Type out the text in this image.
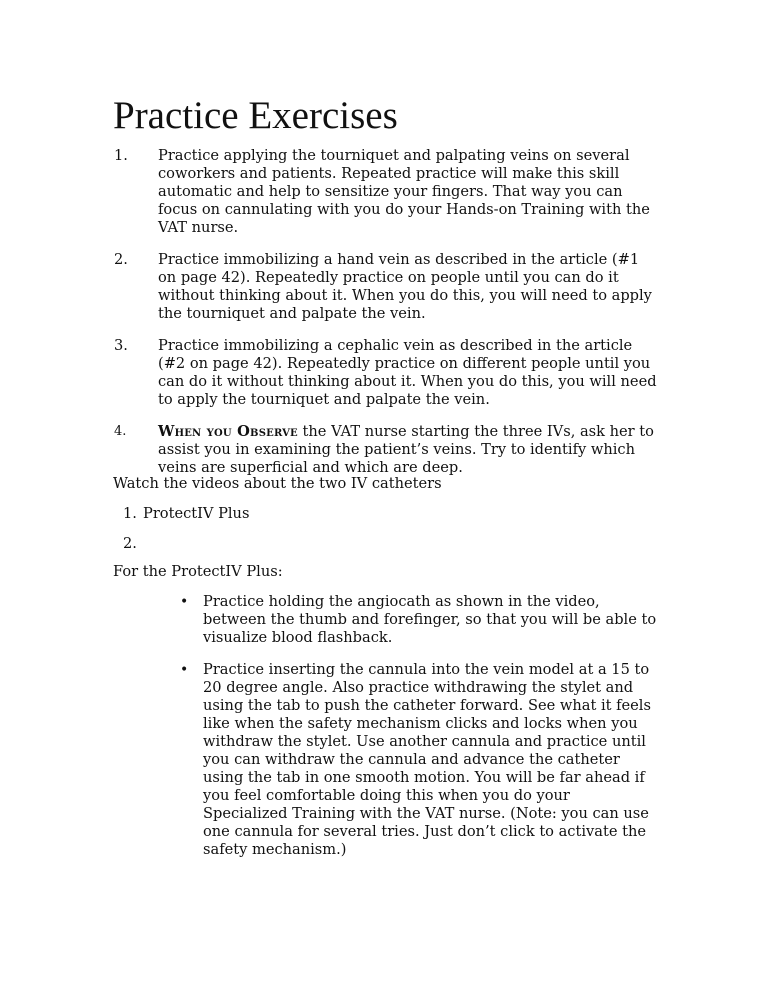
Practice Exercises
1. Practice applying the tourniquet and palpating veins on several coworkers and patients. Repeated practice will make this skill automatic and help to sensitize your fingers. That way you can focus on cannulating with you do your Hands-on Training with the VAT nurse.
2. Practice immobilizing a hand vein as described in the article (#1 on page 42). Repeatedly practice on people until you can do it without thinking about it. When you do this, you will need to apply the tourniquet and palpate the vein.
3. Practice immobilizing a cephalic vein as described in the article (#2 on page 42). Repeatedly practice on different people until you can do it without thinking about it. When you do this, you will need to apply the tourniquet and palpate the vein.
4. When you Observe the VAT nurse starting the three IVs, ask her to assist you in examining the patient’s veins. Try to identify which veins are superficial and which are deep.
Watch the videos about the two IV catheters
1. ProtectIV Plus
2.
For the ProtectIV Plus:
• Practice holding the angiocath as shown in the video, between the thumb and forefinger, so that you will be able to visualize blood flashback.
• Practice inserting the cannula into the vein model at a 15 to 20 degree angle. Also practice withdrawing the stylet and using the tab to push the catheter forward. See what it feels like when the safety mechanism clicks and locks when you withdraw the stylet. Use another cannula and practice until you can withdraw the cannula and advance the catheter using the tab in one smooth motion. You will be far ahead if you feel comfortable doing this when you do your Specialized Training with the VAT nurse. (Note: you can use one cannula for several tries. Just don’t click to activate the safety mechanism.)
